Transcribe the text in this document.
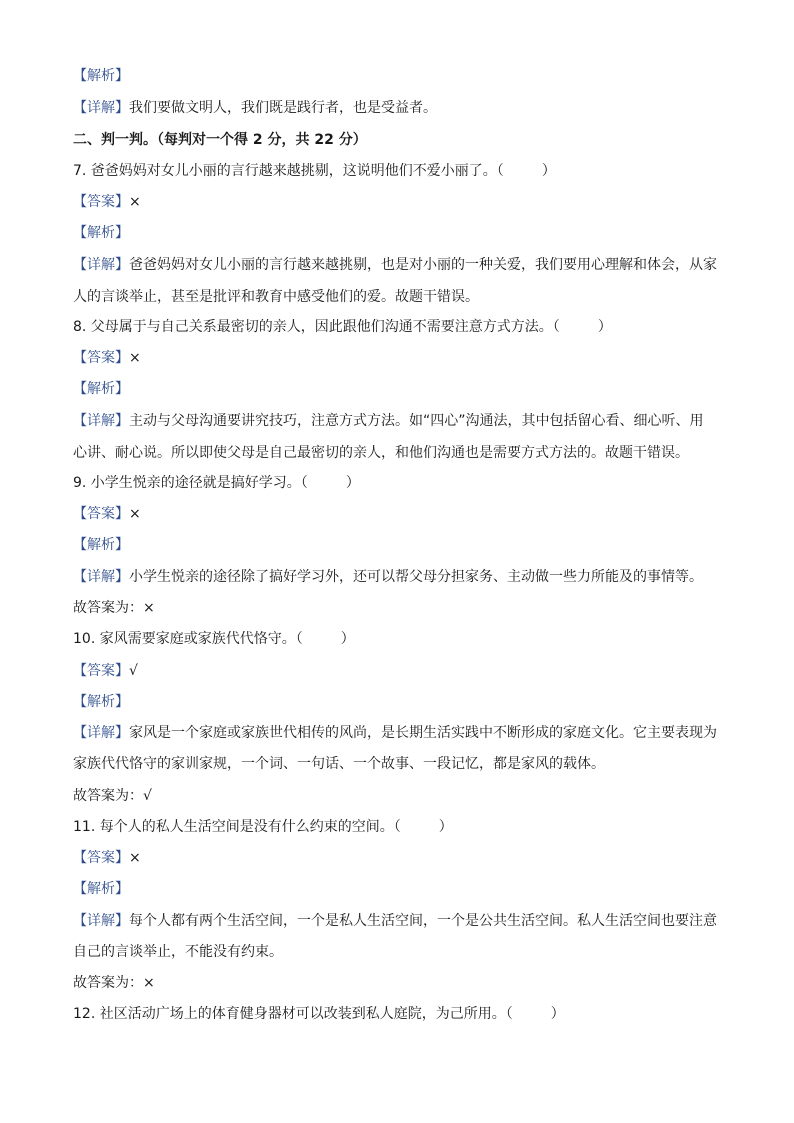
【解析】
【详解】我们要做文明人，我们既是践行者，也是受益者。
二、判一判。（每判对一个得 2 分，共 22 分）
7. 爸爸妈妈对女儿小丽的言行越来越挑剔，这说明他们不爱小丽了。（	）
【答案】×
【解析】
【详解】爸爸妈妈对女儿小丽的言行越来越挑剔，也是对小丽的一种关爱，我们要用心理解和体会，从家
人的言谈举止，甚至是批评和教育中感受他们的爱。故题干错误。
8. 父母属于与自己关系最密切的亲人，因此跟他们沟通不需要注意方式方法。（	）
【答案】×
【解析】
【详解】主动与父母沟通要讲究技巧，注意方式方法。如“四心”沟通法，其中包括留心看、细心听、用
心讲、耐心说。所以即使父母是自己最密切的亲人，和他们沟通也是需要方式方法的。故题干错误。
9. 小学生悦亲的途径就是搞好学习。（	）
【答案】×
【解析】
【详解】小学生悦亲的途径除了搞好学习外，还可以帮父母分担家务、主动做一些力所能及的事情等。
故答案为：×
10. 家风需要家庭或家族代代恪守。（	）
【答案】√
【解析】
【详解】家风是一个家庭或家族世代相传的风尚，是长期生活实践中不断形成的家庭文化。它主要表现为
家族代代恪守的家训家规，一个词、一句话、一个故事、一段记忆，都是家风的载体。
故答案为：√
11. 每个人的私人生活空间是没有什么约束的空间。（	）
【答案】×
【解析】
【详解】每个人都有两个生活空间，一个是私人生活空间，一个是公共生活空间。私人生活空间也要注意
自己的言谈举止，不能没有约束。
故答案为：×
12. 社区活动广场上的体育健身器材可以改装到私人庭院，为己所用。（	）
